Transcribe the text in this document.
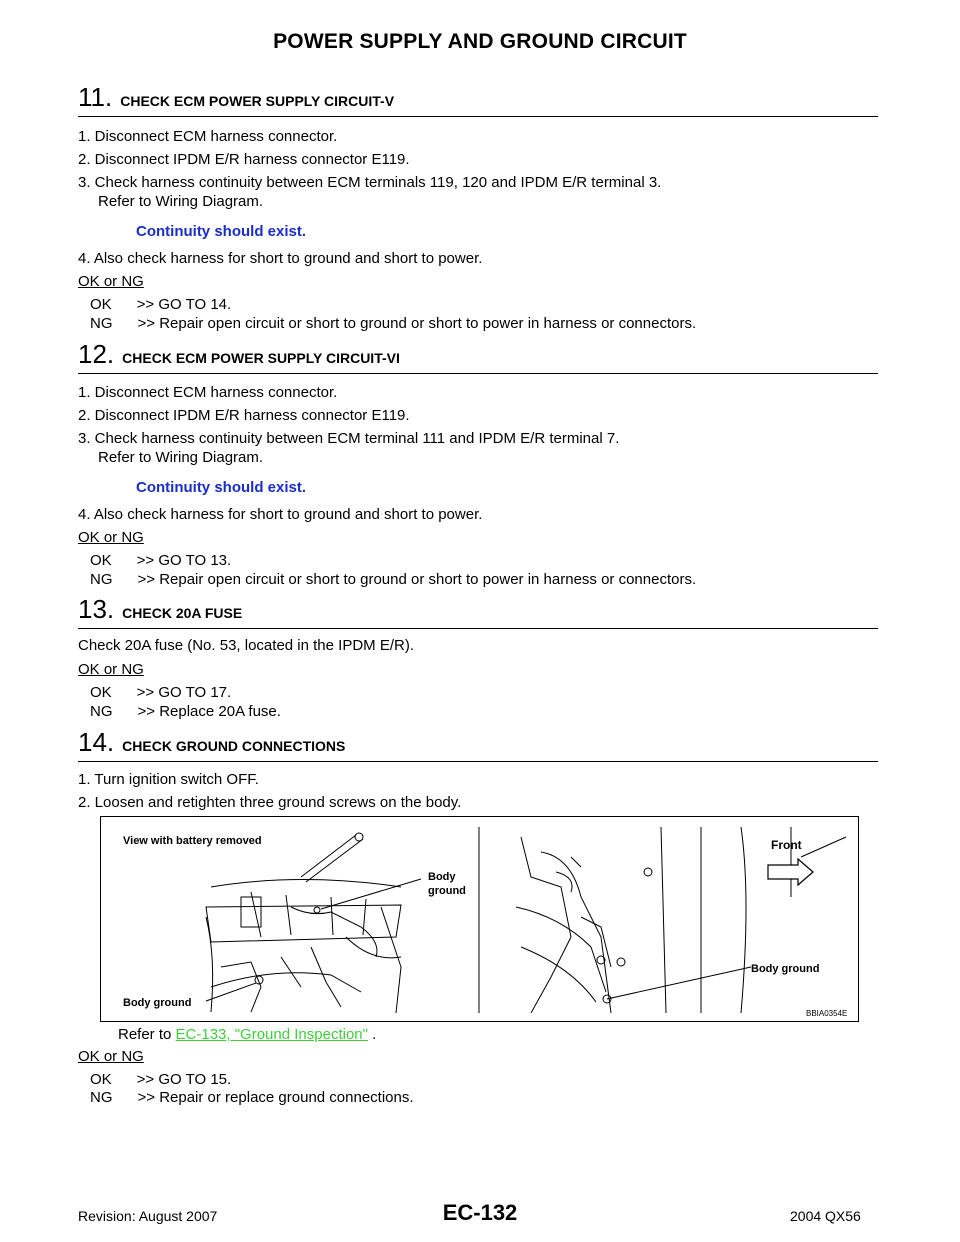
POWER SUPPLY AND GROUND CIRCUIT
11. CHECK ECM POWER SUPPLY CIRCUIT-V
1. Disconnect ECM harness connector.
2. Disconnect IPDM E/R harness connector E119.
3. Check harness continuity between ECM terminals 119, 120 and IPDM E/R terminal 3.
Refer to Wiring Diagram.
Continuity should exist.
4. Also check harness for short to ground and short to power.
OK or NG
OK      >> GO TO 14.
NG      >> Repair open circuit or short to ground or short to power in harness or connectors.
12. CHECK ECM POWER SUPPLY CIRCUIT-VI
1. Disconnect ECM harness connector.
2. Disconnect IPDM E/R harness connector E119.
3. Check harness continuity between ECM terminal 111 and IPDM E/R terminal 7.
Refer to Wiring Diagram.
Continuity should exist.
4. Also check harness for short to ground and short to power.
OK or NG
OK      >> GO TO 13.
NG      >> Repair open circuit or short to ground or short to power in harness or connectors.
13. CHECK 20A FUSE
Check 20A fuse (No. 53, located in the IPDM E/R).
OK or NG
OK      >> GO TO 17.
NG      >> Replace 20A fuse.
14. CHECK GROUND CONNECTIONS
1. Turn ignition switch OFF.
2. Loosen and retighten three ground screws on the body.
View with battery removed
Body
ground
Body ground
Front
Body ground
BBIA0354E
Refer to EC-133, "Ground Inspection" .
OK or NG
OK      >> GO TO 15.
NG      >> Repair or replace ground connections.
Revision: August 2007	EC-132	2004 QX56
